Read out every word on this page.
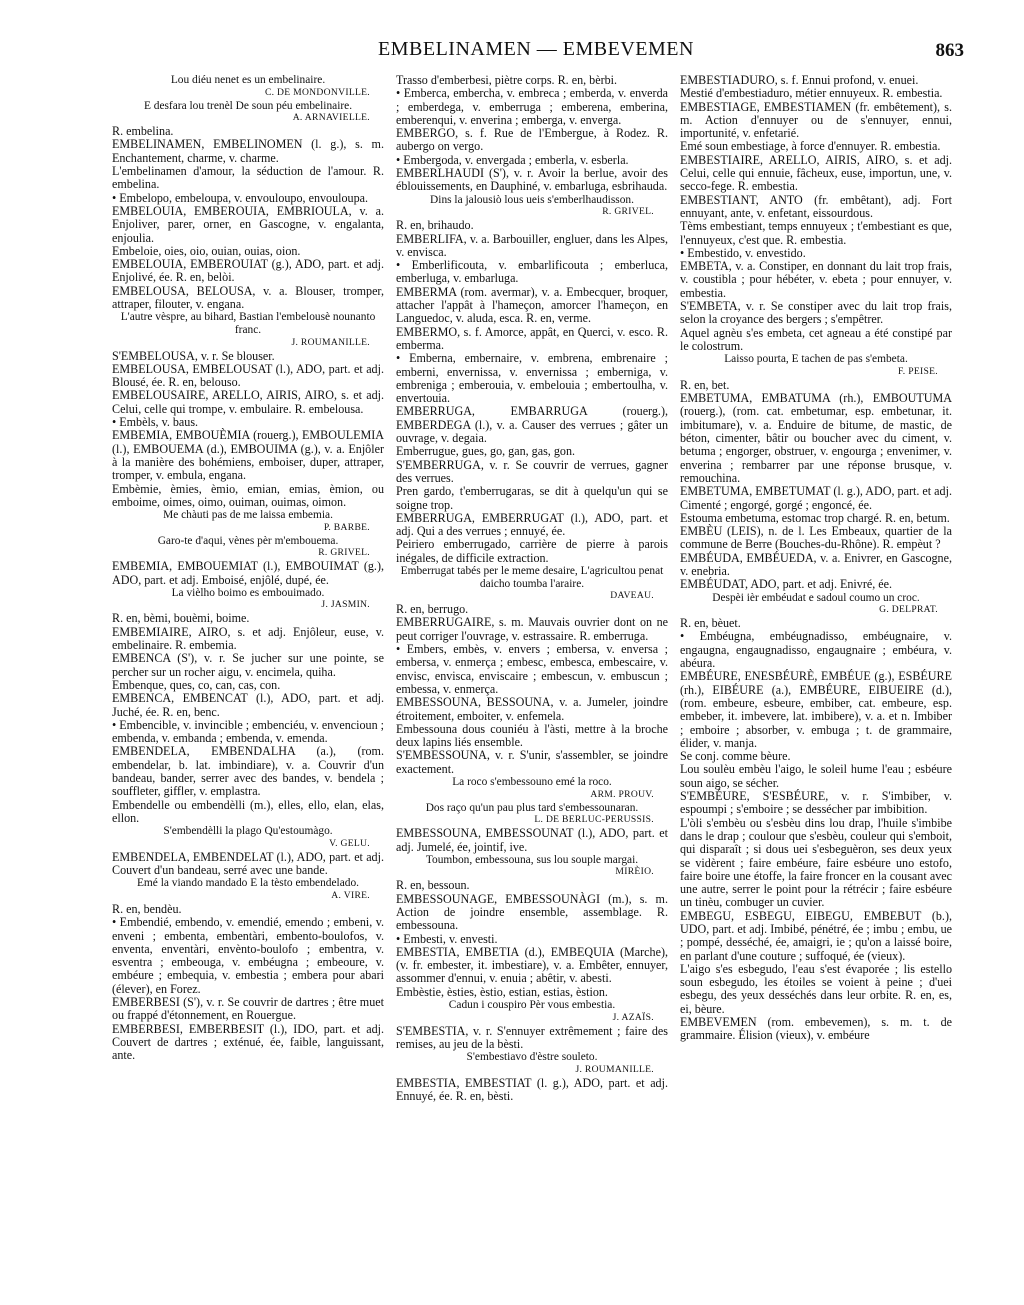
EMBELINAMEN — EMBEVEMEN	863

Lou diéu nenet es un embelinaire.

C. DE MONDONVILLE.

E desfara lou trenèl De soun péu embelinaire.

A. ARNAVIELLE.

R. embelina.

EMBELINAMEN, EMBELINOMEN (l. g.), s. m. Enchantement, charme, v. charme.

L'embelinamen d'amour, la séduction de l'amour. R. embelina.

• Embelopo, embeloupa, v. envouloupo, envouloupa.

EMBELOUIA, EMBEROUIA, EMBRIOULA, v. a. Enjoliver, parer, orner, en Gascogne, v. engalanta, enjoulia.

Embeloie, oies, oio, ouian, ouias, oion.

EMBELOUIA, EMBEROUIAT (g.), ADO, part. et adj. Enjolivé, ée. R. en, belòi.

EMBELOUSA, BELOUSA, v. a. Blouser, tromper, attraper, filouter, v. engana.

L'autre vèspre, au bihard, Bastian l'embelousè nounanto franc.

J. ROUMANILLE.

S'EMBELOUSA, v. r. Se blouser.

EMBELOUSA, EMBELOUSAT (l.), ADO, part. et adj. Blousé, ée. R. en, belouso.

EMBELOUSAIRE, ARELLO, AIRIS, AIRO, s. et adj. Celui, celle qui trompe, v. embulaire. R. embelousa.

• Embèls, v. baus.

EMBEMIA, EMBOUÈMIA (rouerg.), EMBOULEMIA (l.), EMBOUEMA (d.), EMBOUIMA (g.), v. a. Enjôler à la manière des bohémiens, emboiser, duper, attraper, tromper, v. embula, engana.

Embèmie, èmies, èmio, emian, emias, èmion, ou emboime, oimes, oimo, ouiman, ouimas, oimon.

Me chàuti pas de me laissa embemia.

P. BARBE.

Garo-te d'aqui, vènes pèr m'embouema.

R. GRIVEL.

EMBEMIA, EMBOUEMIAT (l.), EMBOUIMAT (g.), ADO, part. et adj. Emboisé, enjôlé, dupé, ée.

La vièlho boimo es embouimado.

J. JASMIN.

R. en, bèmi, bouèmi, boime.

EMBEMIAIRE, AIRO, s. et adj. Enjôleur, euse, v. embelinaire. R. embemia.

EMBENCA (S'), v. r. Se jucher sur une pointe, se percher sur un rocher aigu, v. encimela, quiha.

Embenque, ques, co, can, cas, con.

EMBENCA, EMBENCAT (l.), ADO, part. et adj. Juché, ée. R. en, benc.

• Embencible, v. invincible ; embenciéu, v. envencioun ; embenda, v. embanda ; embenda, v. emenda.

EMBENDELA, EMBENDALHA (a.), (rom. embendelar, b. lat. imbindiare), v. a. Couvrir d'un bandeau, bander, serrer avec des bandes, v. bendela ; souffleter, giffler, v. emplastra.

Embendelle ou embendèlli (m.), elles, ello, elan, elas, ellon.

S'embendèlli la plago Qu'estoumàgo.

V. GELU.

EMBENDELA, EMBENDELAT (l.), ADO, part. et adj. Couvert d'un bandeau, serré avec une bande.

Emé la viando mandado E la tèsto embendelado.

A. VIRE.

R. en, bendèu.

• Embendié, embendo, v. emendié, emendo ; embeni, v. enveni ; embenta, embentàri, embento-boulofos, v. enventa, enventàri, envènto-boulofo ; embentra, v. esventra ; embeouga, v. embéugna ; embeoure, v. embéure ; embequia, v. embestia ; embera pour abari (élever), en Forez.

EMBERBESI (S'), v. r. Se couvrir de dartres ; être muet ou frappé d'étonnement, en Rouergue.

EMBERBESI, EMBERBESIT (l.), IDO, part. et adj. Couvert de dartres ; exténué, ée, faible, languissant, ante.

Trasso d'emberbesi, piètre corps. R. en, bèrbi.

• Emberca, embercha, v. embreca ; emberda, v. enverda ; emberdega, v. emberruga ; emberena, emberina, emberenqui, v. enverina ; emberga, v. enverga.

EMBERGO, s. f. Rue de l'Embergue, à Rodez. R. aubergo on vergo.

• Embergoda, v. envergada ; emberla, v. esberla.

EMBERLHAUDI (S'), v. r. Avoir la berlue, avoir des éblouissements, en Dauphiné, v. embarluga, esbrihauda.

Dins la jalousiò lous ueis s'emberlhaudisson.

R. GRIVEL.

R. en, brihaudo.

EMBERLIFA, v. a. Barbouiller, engluer, dans les Alpes, v. envisca.

• Emberlificouta, v. embarlificouta ; emberluca, emberluga, v. embarluga.

EMBERMA (rom. avermar), v. a. Embecquer, broquer, attacher l'appât à l'hameçon, amorcer l'hameçon, en Languedoc, v. aluda, esca. R. en, verme.

EMBERMO, s. f. Amorce, appât, en Querci, v. esco. R. emberma.

• Emberna, embernaire, v. embrena, embrenaire ; emberni, envernissa, v. envernissa ; emberniga, v. embreniga ; emberouia, v. embelouia ; embertoulha, v. envertouia.

EMBERRUGA, EMBARRUGA (rouerg.), EMBERDEGA (l.), v. a. Causer des verrues ; gâter un ouvrage, v. degaia.

Emberrugue, gues, go, gan, gas, gon.

S'EMBERRUGA, v. r. Se couvrir de verrues, gagner des verrues.

Pren gardo, t'emberrugaras, se dit à quelqu'un qui se soigne trop.

EMBERRUGA, EMBERRUGAT (l.), ADO, part. et adj. Qui a des verrues ; ennuyé, ée.

Peiriero emberrugado, carrière de pierre à parois inégales, de difficile extraction.

Emberrugat tabés per le meme desaire, L'agricultou penat daicho toumba l'araire.

DAVEAU.

R. en, berrugo.

EMBERRUGAIRE, s. m. Mauvais ouvrier dont on ne peut corriger l'ouvrage, v. estrassaire. R. emberruga.

• Embers, embès, v. envers ; embersa, v. enversa ; embersa, v. enmerça ; embesc, embesca, embescaire, v. envisc, envisca, enviscaire ; embescun, v. embuscun ; embessa, v. enmerça.

EMBESSOUNA, BESSOUNA, v. a. Jumeler, joindre étroitement, emboiter, v. enfemela.

Embessouna dous couniéu à l'àsti, mettre à la broche deux lapins liés ensemble.

S'EMBESSOUNA, v. r. S'unir, s'assembler, se joindre exactement.

La roco s'embessouno emé la roco.

ARM. PROUV.

Dos raço qu'un pau plus tard s'embessounaran.

L. DE BERLUC-PERUSSIS.

EMBESSOUNA, EMBESSOUNAT (l.), ADO, part. et adj. Jumelé, ée, jointif, ive.

Toumbon, embessouna, sus lou souple margai.

MIRÈIO.

R. en, bessoun.

EMBESSOUNAGE, EMBESSOUNÀGI (m.), s. m. Action de joindre ensemble, assemblage. R. embessouna.

• Embesti, v. envesti.

EMBESTIA, EMBETIA (d.), EMBEQUIA (Marche), (v. fr. embester, it. imbestiare), v. a. Embêter, ennuyer, assommer d'ennui, v. enuia ; abêtir, v. abesti.

Embèstie, èsties, èstio, estian, estias, èstion.

Cadun i couspiro Pèr vous embestia.

J. AZAÏS.

S'EMBESTIA, v. r. S'ennuyer extrêmement ; faire des remises, au jeu de la bèsti.

S'embestiavo d'èstre souleto.

J. ROUMANILLE.

EMBESTIA, EMBESTIAT (l. g.), ADO, part. et adj. Ennuyé, ée. R. en, bèsti.

EMBESTIADURO, s. f. Ennui profond, v. enuei.

Mestié d'embestiaduro, métier ennuyeux. R. embestia.

EMBESTIAGE, EMBESTIAMEN (fr. embêtement), s. m. Action d'ennuyer ou de s'ennuyer, ennui, importunité, v. enfetarié.

Emé soun embestiage, à force d'ennuyer. R. embestia.

EMBESTIAIRE, ARELLO, AIRIS, AIRO, s. et adj. Celui, celle qui ennuie, fâcheux, euse, importun, une, v. secco-fege. R. embestia.

EMBESTIANT, ANTO (fr. embêtant), adj. Fort ennuyant, ante, v. enfetant, eissourdous.

Tèms embestiant, temps ennuyeux ; t'embestiant es que, l'ennuyeux, c'est que. R. embestia.

• Embestido, v. envestido.

EMBETA, v. a. Constiper, en donnant du lait trop frais, v. coustibla ; pour hébéter, v. ebeta ; pour ennuyer, v. embestia.

S'EMBETA, v. r. Se constiper avec du lait trop frais, selon la croyance des bergers ; s'empêtrer.

Aquel agnèu s'es embeta, cet agneau a été constipé par le colostrum.

Laisso pourta, E tachen de pas s'embeta.

F. PEISE.

R. en, bet.

EMBETUMA, EMBATUMA (rh.), EMBOUTUMA (rouerg.), (rom. cat. embetumar, esp. embetunar, it. imbitumare), v. a. Enduire de bitume, de mastic, de béton, cimenter, bâtir ou boucher avec du ciment, v. betuma ; engorger, obstruer, v. engourga ; envenimer, v. enverina ; rembarrer par une réponse brusque, v. remouchina.

EMBETUMA, EMBETUMAT (l. g.), ADO, part. et adj. Cimenté ; engorgé, gorgé ; engoncé, ée.

Estouma embetuma, estomac trop chargé. R. en, betum.

EMBÈU (LEIS), n. de l. Les Embeaux, quartier de la commune de Berre (Bouches-du-Rhône). R. empèut ?

EMBÉUDA, EMBÉUEDA, v. a. Enivrer, en Gascogne, v. enebria.

EMBÉUDAT, ADO, part. et adj. Enivré, ée.

Despèi ièr embéudat e sadoul coumo un croc.

G. DELPRAT.

R. en, bèuet.

• Embéugna, embéugnadisso, embéugnaire, v. engaugna, engaugnadisso, engaugnaire ; embéura, v. abéura.

EMBÉURE, ENESBÉURÈ, EMBÉUE (g.), ESBÉURE (rh.), EIBÉURE (a.), EMBÉURE, EIBUEIRE (d.), (rom. embeure, esbeure, embiber, cat. embeure, esp. embeber, it. imbevere, lat. imbibere), v. a. et n. Imbiber ; emboire ; absorber, v. embuga ; t. de grammaire, élider, v. manja.

Se conj. comme bèure.

Lou soulèu embèu l'aigo, le soleil hume l'eau ; esbéure soun aigo, se sécher.

S'EMBÉURE, S'ESBÉURE, v. r. S'imbiber, v. espoumpi ; s'emboire ; se dessécher par imbibition.

L'òli s'embèu ou s'esbèu dins lou drap, l'huile s'imbibe dans le drap ; coulour que s'esbèu, couleur qui s'emboit, qui disparaît ; si dous uei s'esbeguèron, ses deux yeux se vidèrent ; faire embéure, faire esbéure uno estofo, faire boire une étoffe, la faire froncer en la cousant avec une autre, serrer le point pour la rétrécir ; faire esbéure un tinèu, combuger un cuvier.

EMBEGU, ESBEGU, EIBEGU, EMBEBUT (b.), UDO, part. et adj. Imbibé, pénétré, ée ; imbu ; embu, ue ; pompé, desséché, ée, amaigri, ie ; qu'on a laissé boire, en parlant d'une couture ; suffoqué, ée (vieux).

L'aigo s'es esbegudo, l'eau s'est évaporée ; lis estello soun esbegudo, les étoiles se voient à peine ; d'uei esbegu, des yeux desséchés dans leur orbite. R. en, es, ei, bèure.

EMBEVEMEN (rom. embevemen), s. m. t. de grammaire. Élision (vieux), v. embéure
